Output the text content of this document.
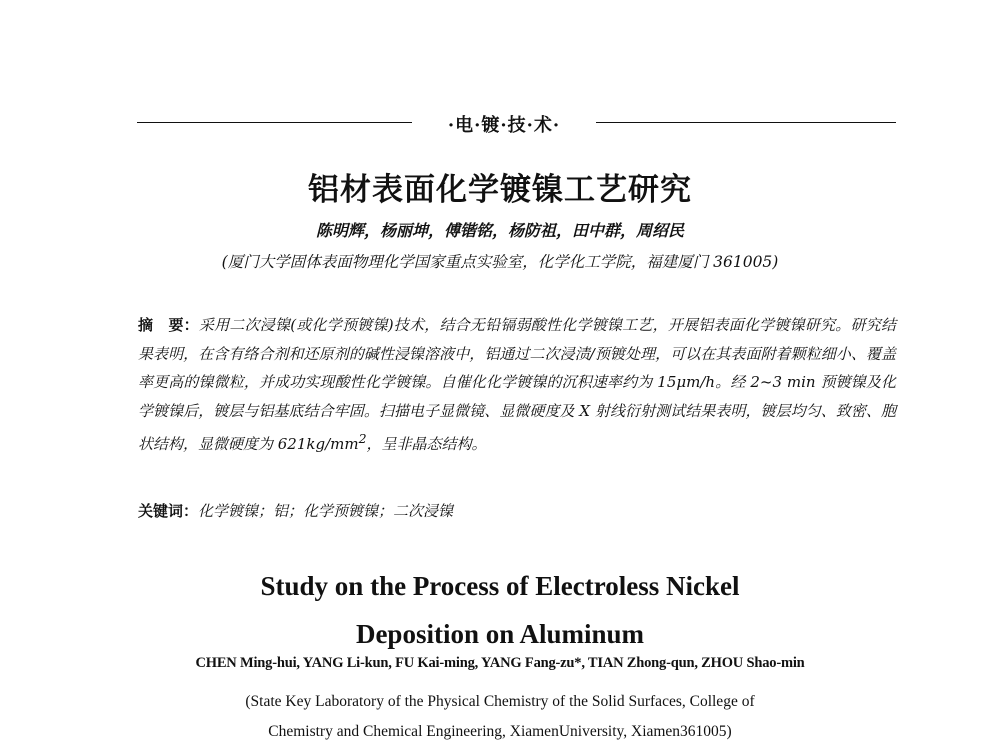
·电·镀·技·术·
铝材表面化学镀镍工艺研究
陈明辉，杨丽坤，傅锴铭，杨防祖，田中群，周绍民
(厦门大学固体表面物理化学国家重点实验室，化学化工学院，福建厦门 361005)
摘　要：采用二次浸镍(或化学预镀镍)技术，结合无铅镉弱酸性化学镀镍工艺，开展铝表面化学镀镍研究。研究结果表明，在含有络合剂和还原剂的碱性浸镍溶液中，铝通过二次浸渍/预镀处理，可以在其表面附着颗粒细小、覆盖率更高的镍微粒，并成功实现酸性化学镀镍。自催化化学镀镍的沉积速率约为 15μm/h。经 2~3 min 预镀镍及化学镀镍后，镀层与铝基底结合牢固。扫描电子显微镜、显微硬度及 X 射线衍射测试结果表明，镀层均匀、致密、胞状结构，显微硬度为 $621kg/mm^2$，呈非晶态结构。
关键词：化学镀镍；铝；化学预镀镍；二次浸镍
Study on the Process of Electroless Nickel
Deposition on Aluminum
CHEN Ming-hui, YANG Li-kun, FU Kai-ming, YANG Fang-zu*, TIAN Zhong-qun, ZHOU Shao-min
(State Key Laboratory of the Physical Chemistry of the Solid Surfaces, College of
Chemistry and Chemical Engineering, XiamenUniversity, Xiamen361005)
